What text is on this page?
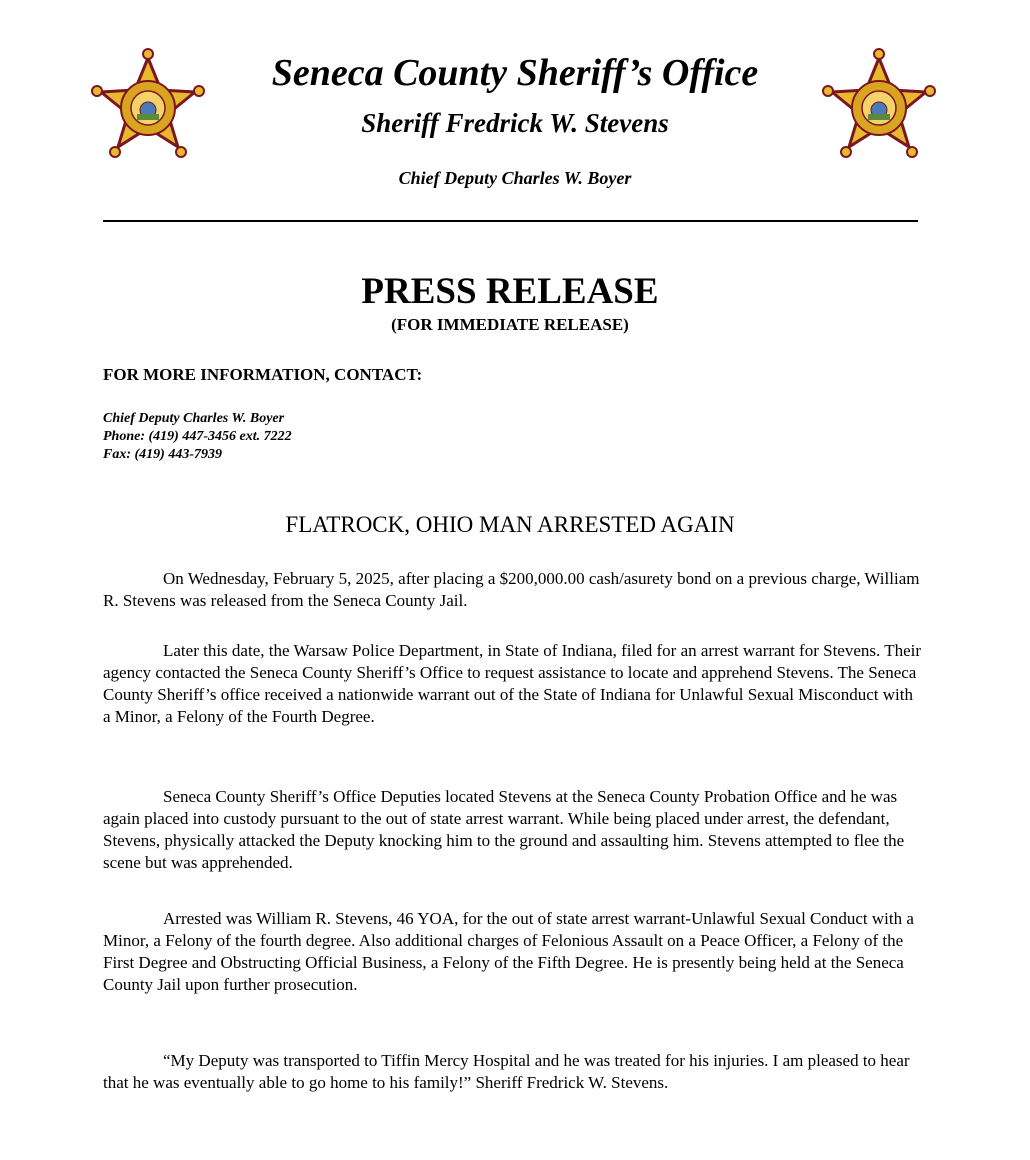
Seneca County Sheriff’s Office
Sheriff Fredrick W. Stevens
Chief Deputy Charles W. Boyer
PRESS RELEASE
(FOR IMMEDIATE RELEASE)
FOR MORE INFORMATION, CONTACT:
Chief Deputy Charles W. Boyer
Phone: (419) 447-3456 ext. 7222
Fax: (419) 443-7939
FLATROCK, OHIO MAN ARRESTED AGAIN

On Wednesday, February 5, 2025, after placing a $200,000.00 cash/asurety bond on a previous charge, William R. Stevens was released from the Seneca County Jail.

Later this date, the Warsaw Police Department, in State of Indiana, filed for an arrest warrant for Stevens. Their agency contacted the Seneca County Sheriff’s Office to request assistance to locate and apprehend Stevens. The Seneca County Sheriff’s office received a nationwide warrant out of the State of Indiana for Unlawful Sexual Misconduct with a Minor, a Felony of the Fourth Degree.

Seneca County Sheriff’s Office Deputies located Stevens at the Seneca County Probation Office and he was again placed into custody pursuant to the out of state arrest warrant. While being placed under arrest, the defendant, Stevens, physically attacked the Deputy knocking him to the ground and assaulting him. Stevens attempted to flee the scene but was apprehended.

Arrested was William R. Stevens, 46 YOA, for the out of state arrest warrant-Unlawful Sexual Conduct with a Minor, a Felony of the fourth degree. Also additional charges of Felonious Assault on a Peace Officer, a Felony of the First Degree and Obstructing Official Business, a Felony of the Fifth Degree. He is presently being held at the Seneca County Jail upon further prosecution.

“My Deputy was transported to Tiffin Mercy Hospital and he was treated for his injuries. I am pleased to hear that he was eventually able to go home to his family!” Sheriff Fredrick W. Stevens.
